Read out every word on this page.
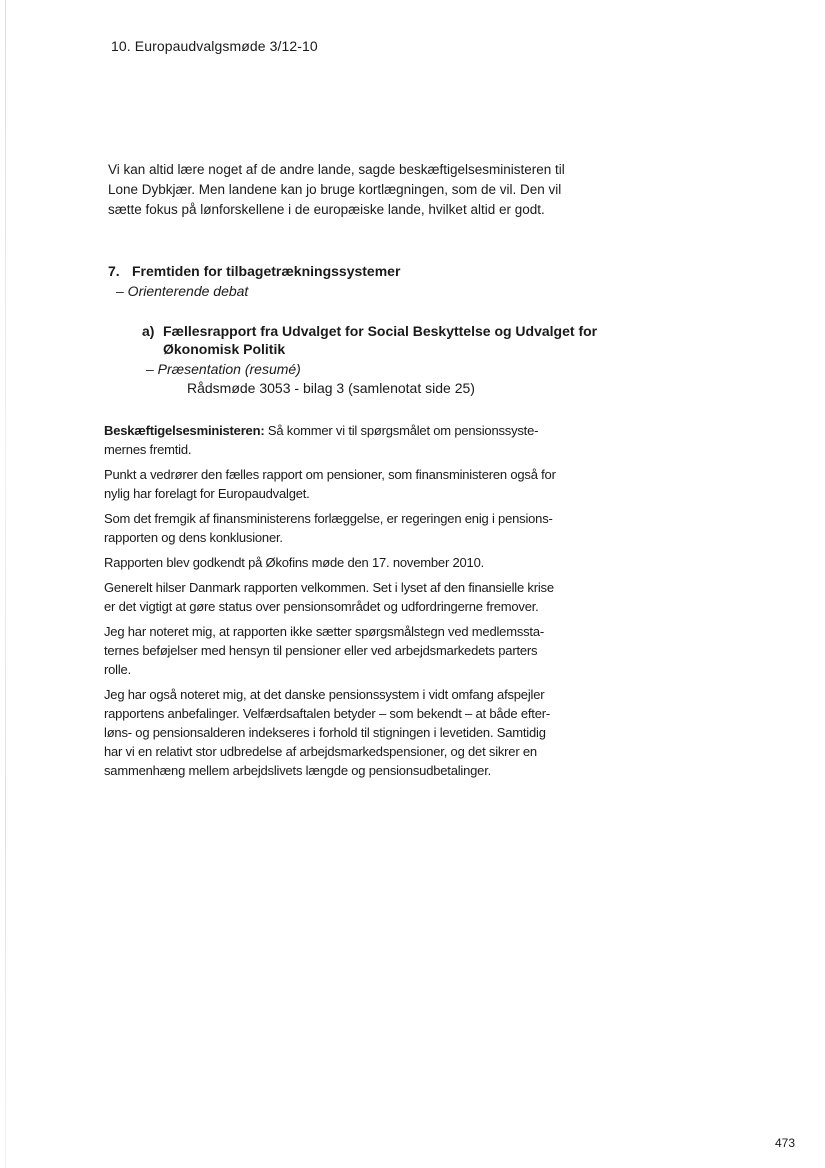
10. Europaudvalgsmøde 3/12-10
Vi kan altid lære noget af de andre lande, sagde beskæftigelsesministeren til
Lone Dybkjær. Men landene kan jo bruge kortlægningen, som de vil. Den vil
sætte fokus på lønforskellene i de europæiske lande, hvilket altid er godt.
7. Fremtiden for tilbagetrækningssystemer
– Orienterende debat
a) Fællesrapport fra Udvalget for Social Beskyttelse og Udvalget for
Økonomisk Politik
– Præsentation (resumé)
Rådsmøde 3053 - bilag 3 (samlenotat side 25)
Beskæftigelsesministeren: Så kommer vi til spørgsmålet om pensionssyste-
mernes fremtid.
Punkt a vedrører den fælles rapport om pensioner, som finansministeren også for
nylig har forelagt for Europaudvalget.
Som det fremgik af finansministerens forlæggelse, er regeringen enig i pensions-
rapporten og dens konklusioner.
Rapporten blev godkendt på Økofins møde den 17. november 2010.
Generelt hilser Danmark rapporten velkommen. Set i lyset af den finansielle krise
er det vigtigt at gøre status over pensionsområdet og udfordringerne fremover.
Jeg har noteret mig, at rapporten ikke sætter spørgsmålstegn ved medlemssta-
ternes beføjelser med hensyn til pensioner eller ved arbejdsmarkedets parters
rolle.
Jeg har også noteret mig, at det danske pensionssystem i vidt omfang afspejler
rapportens anbefalinger. Velfærdsaftalen betyder – som bekendt – at både efter-
løns- og pensionsalderen indekseres i forhold til stigningen i levetiden. Samtidig
har vi en relativt stor udbredelse af arbejdsmarkedspensioner, og det sikrer en
sammenhæng mellem arbejdslivets længde og pensionsudbetalinger.
473
